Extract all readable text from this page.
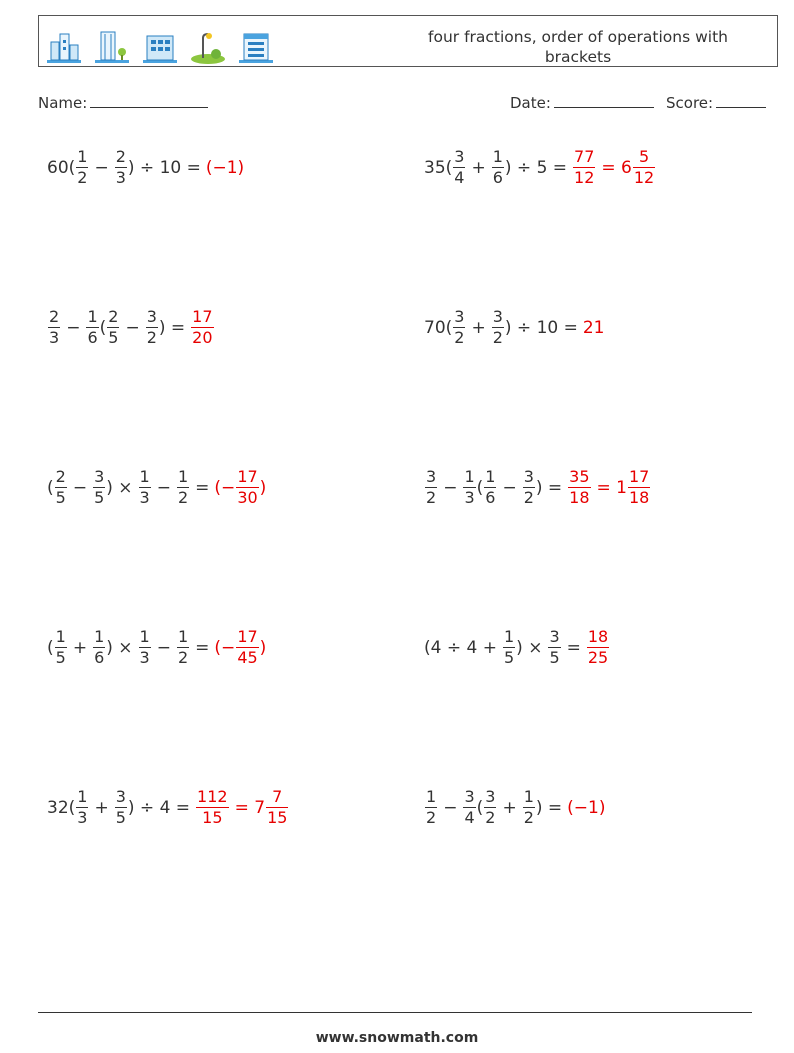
four fractions, order of operations with brackets
Name:	Date:	Score:
$60( \frac{1}{2} - \frac{2}{3}$ ) ÷ 10 = (−1)	$35( \frac{3}{4} + \frac{1}{6}$ ) ÷ $5 = \frac{77}{12} = 6 \frac{5}{12}$
$\frac{2}{3} - \frac{1}{6}$ ( $\frac{2}{5} - \frac{3}{2}$ ) = $\frac{17}{20}$	$70( \frac{3}{2} + \frac{3}{2}$ ) ÷ 10 = 21
( $\frac{2}{5} - \frac{3}{5}$ ) × $\frac{1}{3} - \frac{1}{2}$ = (− $\frac{17}{30}$ )	$\frac{3}{2} - \frac{1}{3}$ ( $\frac{1}{6} - \frac{3}{2}$ ) = $\frac{35}{18} = 1 \frac{17}{18}$
( $\frac{1}{5} + \frac{1}{6}$ ) × $\frac{1}{3} - \frac{1}{2}$ = (− $\frac{17}{45}$ )	($4 \div 4 + \frac{1}{5}$ ) × $\frac{3}{5} = \frac{18}{25}$
$32( \frac{1}{3} + \frac{3}{5}$ ) ÷ $4 = \frac{112}{15} = 7 \frac{7}{15}$	$\frac{1}{2} - \frac{3}{4}$ ( $\frac{3}{2} + \frac{1}{2}$ ) = (−1)
www.snowmath.com
